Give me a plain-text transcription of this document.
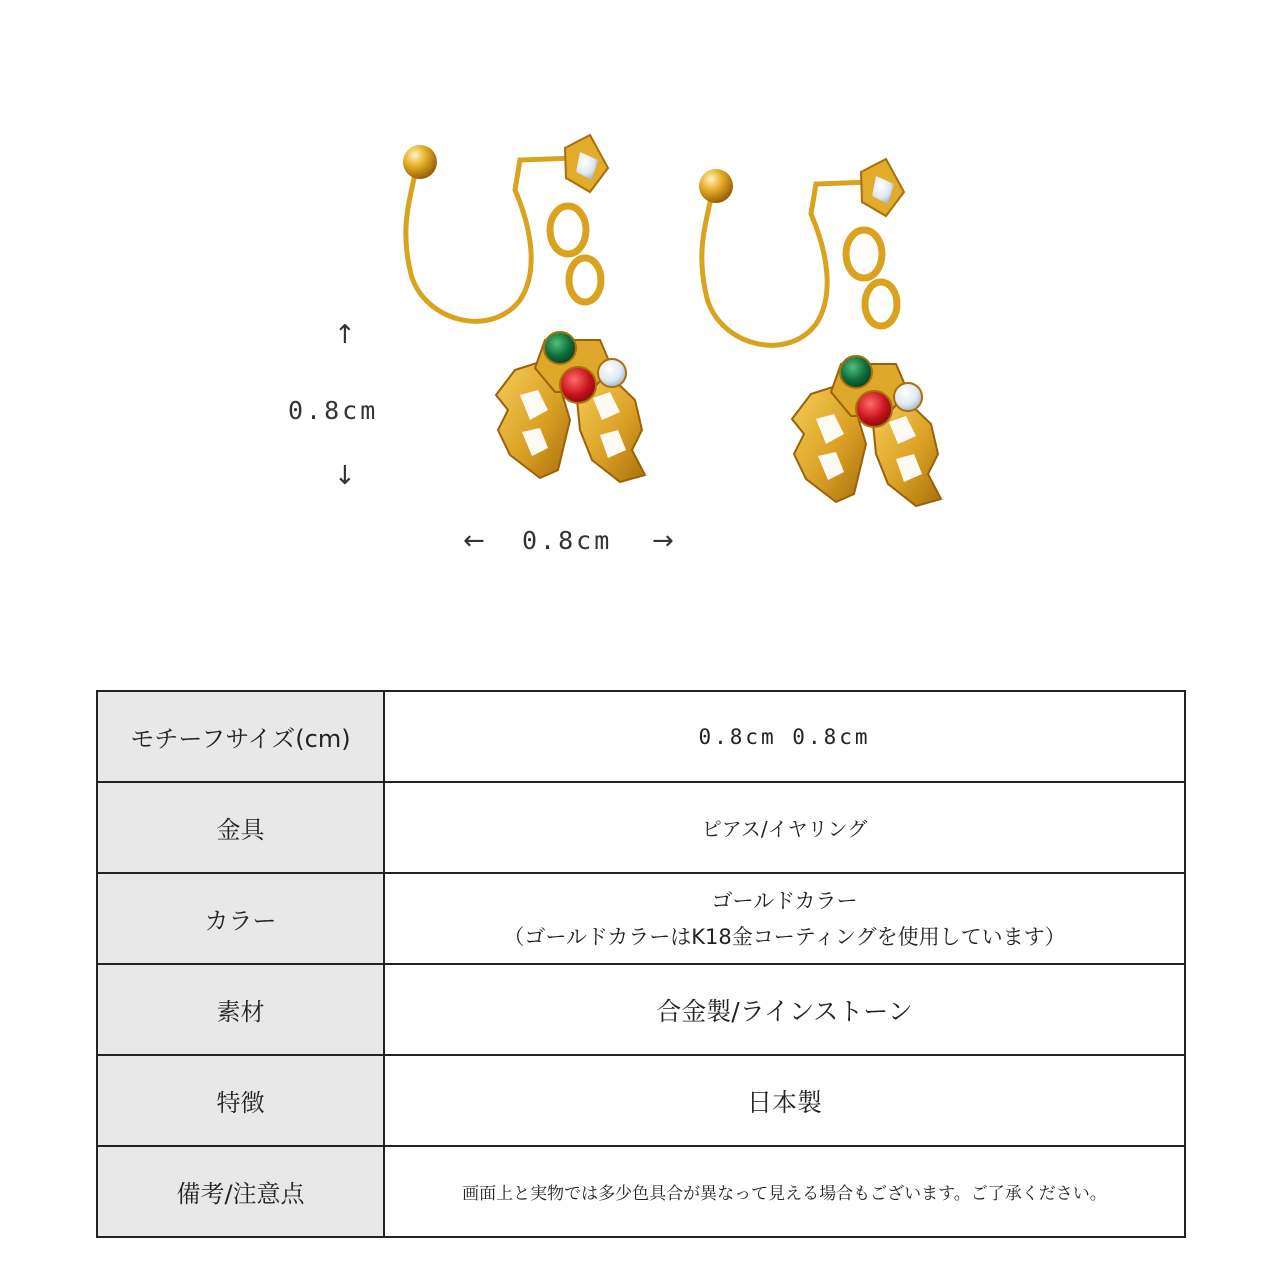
↑
0.8cm
↓
← 0.8cm →
モチーフサイズ(cm)	0.8cm 0.8cm
金具	ピアス/イヤリング
カラー	ゴールドカラー
（ゴールドカラーはK18金コーティングを使用しています）

素材	合金製/ラインストーン
特徴	日本製
備考/注意点	画面上と実物では多少色具合が異なって見える場合もございます。ご了承ください。
